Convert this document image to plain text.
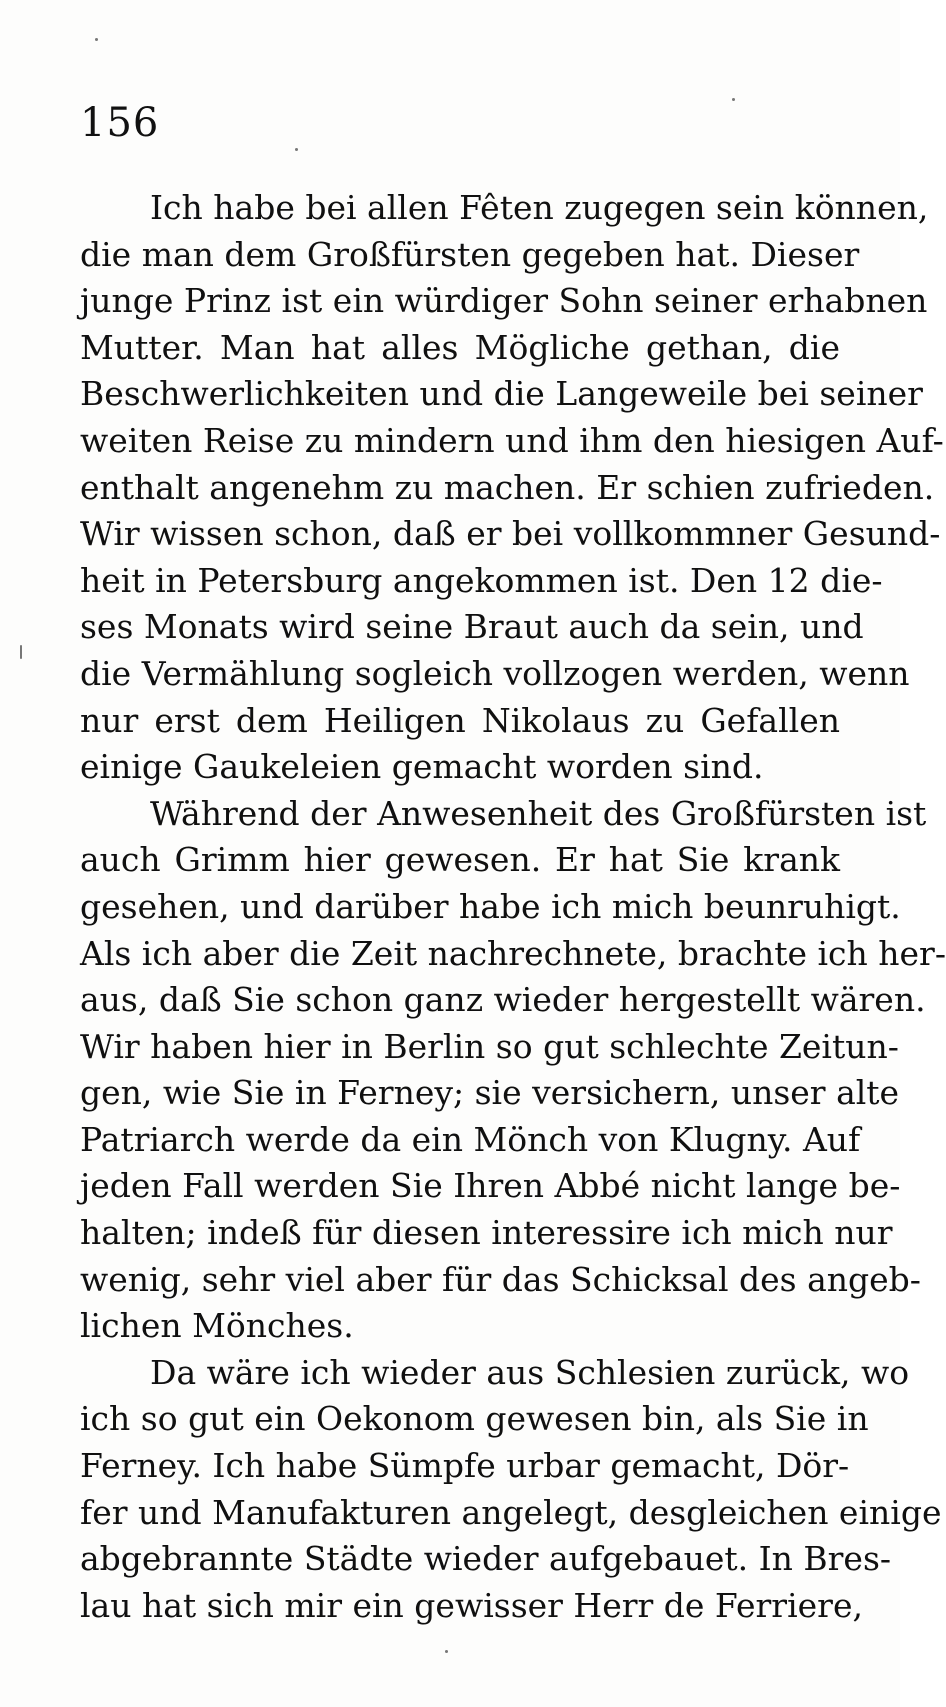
156
Ich habe bei allen Fêten zugegen sein können,
die man dem Großfürsten gegeben hat. Dieser
junge Prinz ist ein würdiger Sohn seiner erhabnen
Mutter. Man hat alles Mögliche gethan, die
Beschwerlichkeiten und die Langeweile bei seiner
weiten Reise zu mindern und ihm den hiesigen Auf-
enthalt angenehm zu machen. Er schien zufrieden.
Wir wissen schon, daß er bei vollkommner Gesund-
heit in Petersburg angekommen ist. Den 12 die-
ses Monats wird seine Braut auch da sein, und
die Vermählung sogleich vollzogen werden, wenn
nur erst dem Heiligen Nikolaus zu Gefallen
einige Gaukeleien gemacht worden sind.
Während der Anwesenheit des Großfürsten ist
auch Grimm hier gewesen. Er hat Sie krank
gesehen, und darüber habe ich mich beunruhigt.
Als ich aber die Zeit nachrechnete, brachte ich her-
aus, daß Sie schon ganz wieder hergestellt wären.
Wir haben hier in Berlin so gut schlechte Zeitun-
gen, wie Sie in Ferney; sie versichern, unser alte
Patriarch werde da ein Mönch von Klugny. Auf
jeden Fall werden Sie Ihren Abbé nicht lange be-
halten; indeß für diesen interessire ich mich nur
wenig, sehr viel aber für das Schicksal des angeb-
lichen Mönches.
Da wäre ich wieder aus Schlesien zurück, wo
ich so gut ein Oekonom gewesen bin, als Sie in
Ferney. Ich habe Sümpfe urbar gemacht, Dör-
fer und Manufakturen angelegt, desgleichen einige
abgebrannte Städte wieder aufgebauet. In Bres-
lau hat sich mir ein gewisser Herr de Ferriere,
